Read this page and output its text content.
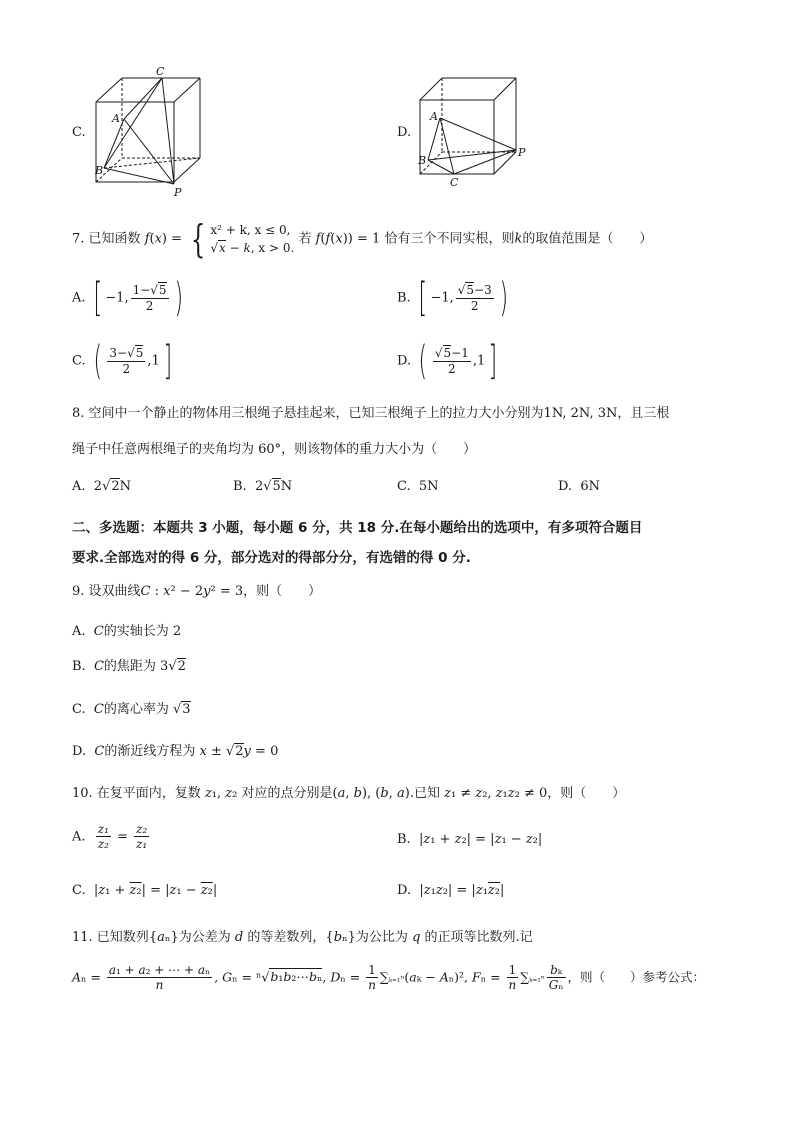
C.
C
A
B
P
D.
A
B
P
C
7. 已知函数 f(x) = { x² + k, x ≤ 0,
√x − k, x > 0.
若 f(f(x)) = 1 恰有三个不同实根，则k的取值范围是（　　）
A. [ −1, $\frac{1-√5}{2}$ )	B. [ −1, $\frac{√5-3}{2}$ )
C. ( $\frac{3-√5}{2} ,1$]	D. ( $\frac{√5-1}{2} ,1$]
8. 空间中一个静止的物体用三根绳子悬挂起来，已知三根绳子上的拉力大小分别为1N, 2N, 3N，且三根
绳子中任意两根绳子的夹角均为 60°，则该物体的重力大小为（　　）
A.  2√2N	B.  2√5N	C. 5N	D. 6N
二、多选题：本题共 3 小题，每小题 6 分，共 18 分.在每小题给出的选项中，有多项符合题目
要求.全部选对的得 6 分，部分选对的得部分分，有选错的得 0 分.
9. 设双曲线C : x² − 2y² = 3，则（　　）
A. C的实轴长为 2
B. C的焦距为 3√2
C. C的离心率为 √3
D. C的渐近线方程为 x ± √2y = 0
10. 在复平面内，复数 z₁, z₂ 对应的点分别是(a, b), (b, a).已知 z₁ ≠ z₂, z₁z₂ ≠ 0，则（　　）
A. $\frac{\text{z₁}}{\text{z₂}} = \frac{\text{z₂}}{\text{z₁}}$	B.  |z₁ + z₂| = |z₁ − z₂|
C.  |z₁ + z₂| = |z₁ − z₂|	D.  |z₁z₂| = |z₁z₂|
11. 已知数列{aₙ}为公差为 d 的等差数列，{bₙ}为公比为 q 的正项等比数列.记
$A_n = \frac{\text{a₁ + a₂ + ⋯ + aₙ}}{n}$ , Gₙ = ⁿ√b₁b₂⋯bₙ, $D_n = \frac{1}{n} \sum_{k=1}^n(a_k - A_n)^2$, $F_n = \frac{1}{n} \sum_{k=1}^n \frac{\text{bₖ}}{\text{Gₙ}}$ ，则（　　）参考公式：
